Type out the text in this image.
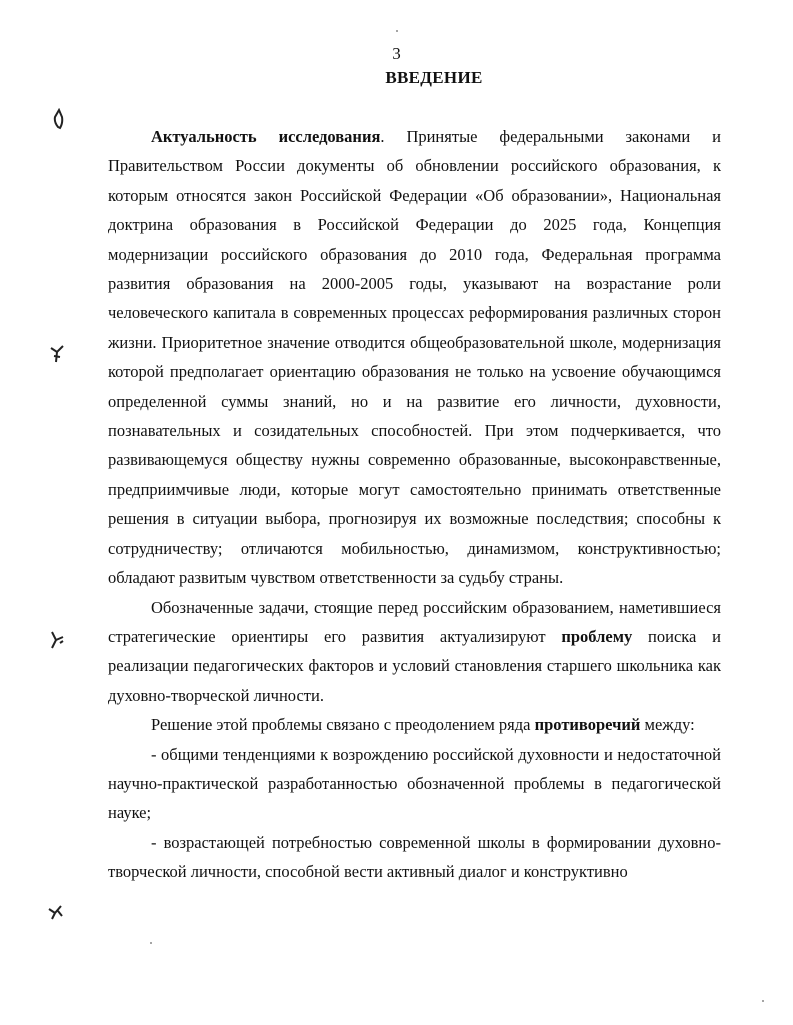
3
ВВЕДЕНИЕ

Актуальность исследования. Принятые федеральными законами и Правительством России документы об обновлении российского образования, к которым относятся закон Российской Федерации «Об образовании», Национальная доктрина образования в Российской Федерации до 2025 года, Концепция модернизации российского образования до 2010 года, Федеральная программа развития образования на 2000-2005 годы, указывают на возрастание роли человеческого капитала в современных процессах реформирования различных сторон жизни. Приоритетное значение отводится общеобразовательной школе, модернизация которой предполагает ориентацию образования не только на усвоение обучающимся определенной суммы знаний, но и на развитие его личности, духовности, познавательных и созидательных способностей. При этом подчеркивается, что развивающемуся обществу нужны современно образованные, высоконравственные, предприимчивые люди, которые могут самостоятельно принимать ответственные решения в ситуации выбора, прогнозируя их возможные последствия; способны к сотрудничеству; отличаются мобильностью, динамизмом, конструктивностью; обладают развитым чувством ответственности за судьбу страны.

Обозначенные задачи, стоящие перед российским образованием, наметившиеся стратегические ориентиры его развития актуализируют проблему поиска и реализации педагогических факторов и условий становления старшего школьника как духовно-творческой личности.

Решение этой проблемы связано с преодолением ряда противоречий между:

- общими тенденциями к возрождению российской духовности и недостаточной научно-практической разработанностью обозначенной проблемы в педагогической науке;

- возрастающей потребностью современной школы в формировании духовно-творческой личности, способной вести активный диалог и конструктивно
